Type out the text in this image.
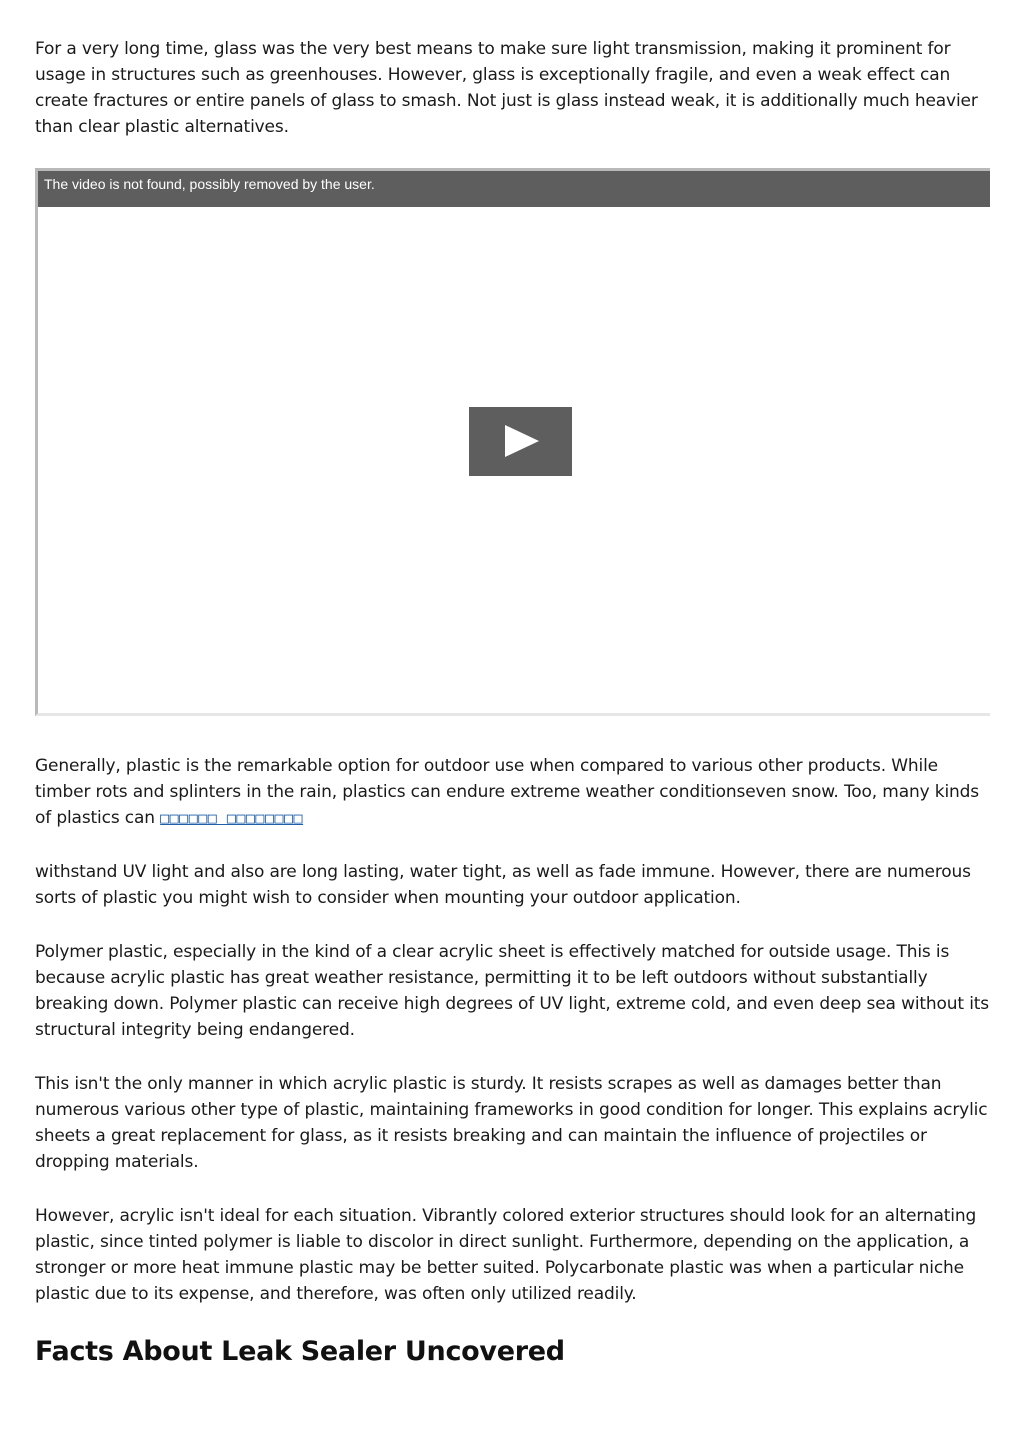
For a very long time, glass was the very best means to make sure light transmission, making it prominent for usage in structures such as greenhouses. However, glass is exceptionally fragile, and even a weak effect can create fractures or entire panels of glass to smash. Not just is glass instead weak, it is additionally much heavier than clear plastic alternatives.

The video is not found, possibly removed by the user.

Generally, plastic is the remarkable option for outdoor use when compared to various other products. While timber rots and splinters in the rain, plastics can endure extreme weather conditionseven snow. Too, many kinds of plastics can □□□□□□ □□□□□□□□

withstand UV light and also are long lasting, water tight, as well as fade immune. However, there are numerous sorts of plastic you might wish to consider when mounting your outdoor application.

Polymer plastic, especially in the kind of a clear acrylic sheet is effectively matched for outside usage. This is because acrylic plastic has great weather resistance, permitting it to be left outdoors without substantially breaking down. Polymer plastic can receive high degrees of UV light, extreme cold, and even deep sea without its structural integrity being endangered.

This isn't the only manner in which acrylic plastic is sturdy. It resists scrapes as well as damages better than numerous various other type of plastic, maintaining frameworks in good condition for longer. This explains acrylic sheets a great replacement for glass, as it resists breaking and can maintain the influence of projectiles or dropping materials.

However, acrylic isn't ideal for each situation. Vibrantly colored exterior structures should look for an alternating plastic, since tinted polymer is liable to discolor in direct sunlight. Furthermore, depending on the application, a stronger or more heat immune plastic may be better suited. Polycarbonate plastic was when a particular niche plastic due to its expense, and therefore, was often only utilized readily.

Facts About Leak Sealer Uncovered
